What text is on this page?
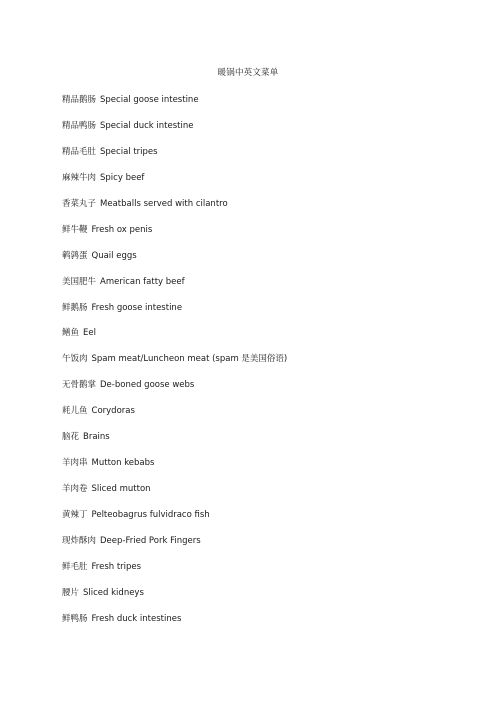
暖锅中英文菜单
精品鹅肠 Special goose intestine
精品鸭肠 Special duck intestine
精品毛肚 Special tripes
麻辣牛肉 Spicy beef
香菜丸子 Meatballs served with cilantro
鲜牛鞭 Fresh ox penis
鹌鹑蛋 Quail eggs
美国肥牛 American fatty beef
鲜鹅肠 Fresh goose intestine
鳝鱼 Eel
午饭肉 Spam meat/Luncheon meat (spam 是美国俗语)
无骨鹅掌 De-boned goose webs
耗儿鱼 Corydoras
脑花 Brains
羊肉串 Mutton kebabs
羊肉卷 Sliced mutton
黄辣丁 Pelteobagrus fulvidraco fish
现炸酥肉 Deep-Fried Pork Fingers
鲜毛肚 Fresh tripes
腰片 Sliced kidneys
鲜鸭肠 Fresh duck intestines
